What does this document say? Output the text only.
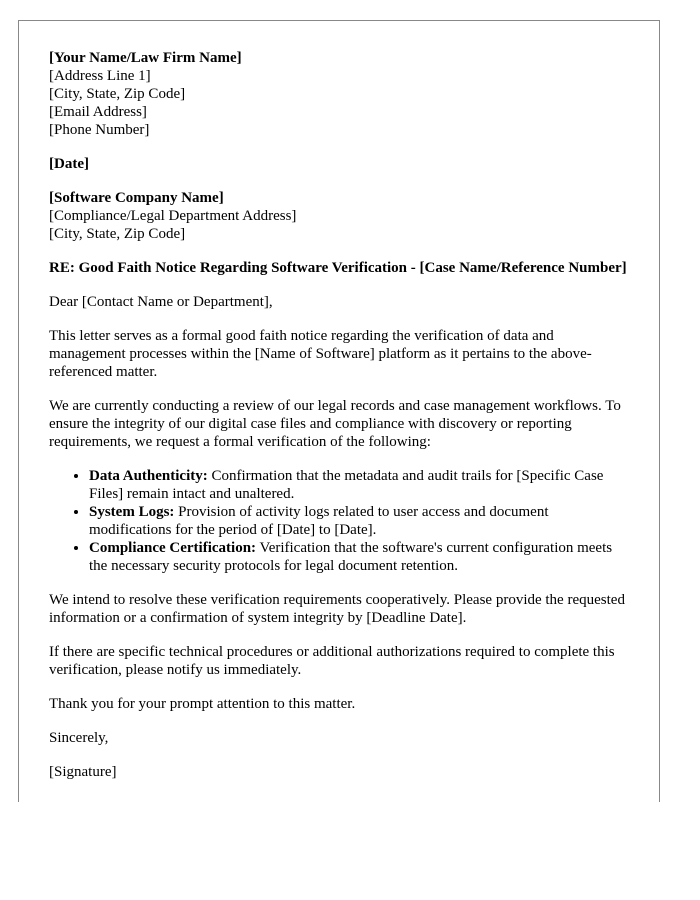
[Your Name/Law Firm Name]
[Address Line 1]
[City, State, Zip Code]
[Email Address]
[Phone Number]
[Date]
[Software Company Name]
[Compliance/Legal Department Address]
[City, State, Zip Code]

RE: Good Faith Notice Regarding Software Verification - [Case Name/Reference Number]

Dear [Contact Name or Department],

This letter serves as a formal good faith notice regarding the verification of data and management processes within the [Name of Software] platform as it pertains to the above-referenced matter.

We are currently conducting a review of our legal records and case management workflows. To ensure the integrity of our digital case files and compliance with discovery or reporting requirements, we request a formal verification of the following:

• Data Authenticity: Confirmation that the metadata and audit trails for [Specific Case Files] remain intact and unaltered.
• System Logs: Provision of activity logs related to user access and document modifications for the period of [Date] to [Date].
• Compliance Certification: Verification that the software's current configuration meets the necessary security protocols for legal document retention.

We intend to resolve these verification requirements cooperatively. Please provide the requested information or a confirmation of system integrity by [Deadline Date].

If there are specific technical procedures or additional authorizations required to complete this verification, please notify us immediately.

Thank you for your prompt attention to this matter.

Sincerely,

[Signature]
